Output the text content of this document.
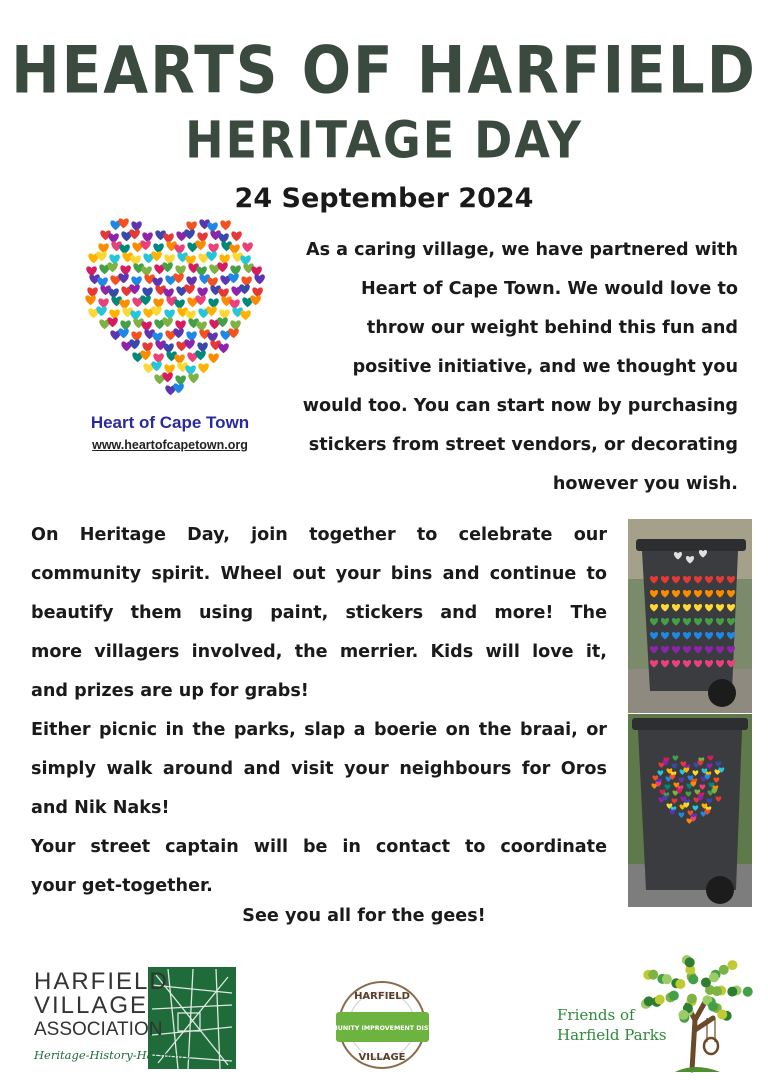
HEARTS OF HARFIELD
HERITAGE DAY
24 September 2024
Heart of Cape Town
www.heartofcapetown.org
As a caring village, we have partnered with
Heart of Cape Town. We would love to
throw our weight behind this fun and
positive initiative, and we thought you
would too. You can start now by purchasing
stickers from street vendors, or decorating
however you wish.
On Heritage Day, join together to celebrate our
community spirit. Wheel out your bins and continue to
beautify them using paint, stickers and more! The
more villagers involved, the merrier. Kids will love it,
and prizes are up for grabs!
Either picnic in the parks, slap a boerie on the braai, or
simply walk around and visit your neighbours for Oros
and Nik Naks!
Your street captain will be in contact to coordinate
your get-together.
See you all for the gees!
HARFIELD
VILLAGE
ASSOCIATION
Heritage-History-Harmony
HARFIELD
COMMUNITY IMPROVEMENT DISTRICT
VILLAGE
Friends of
Harfield Parks
